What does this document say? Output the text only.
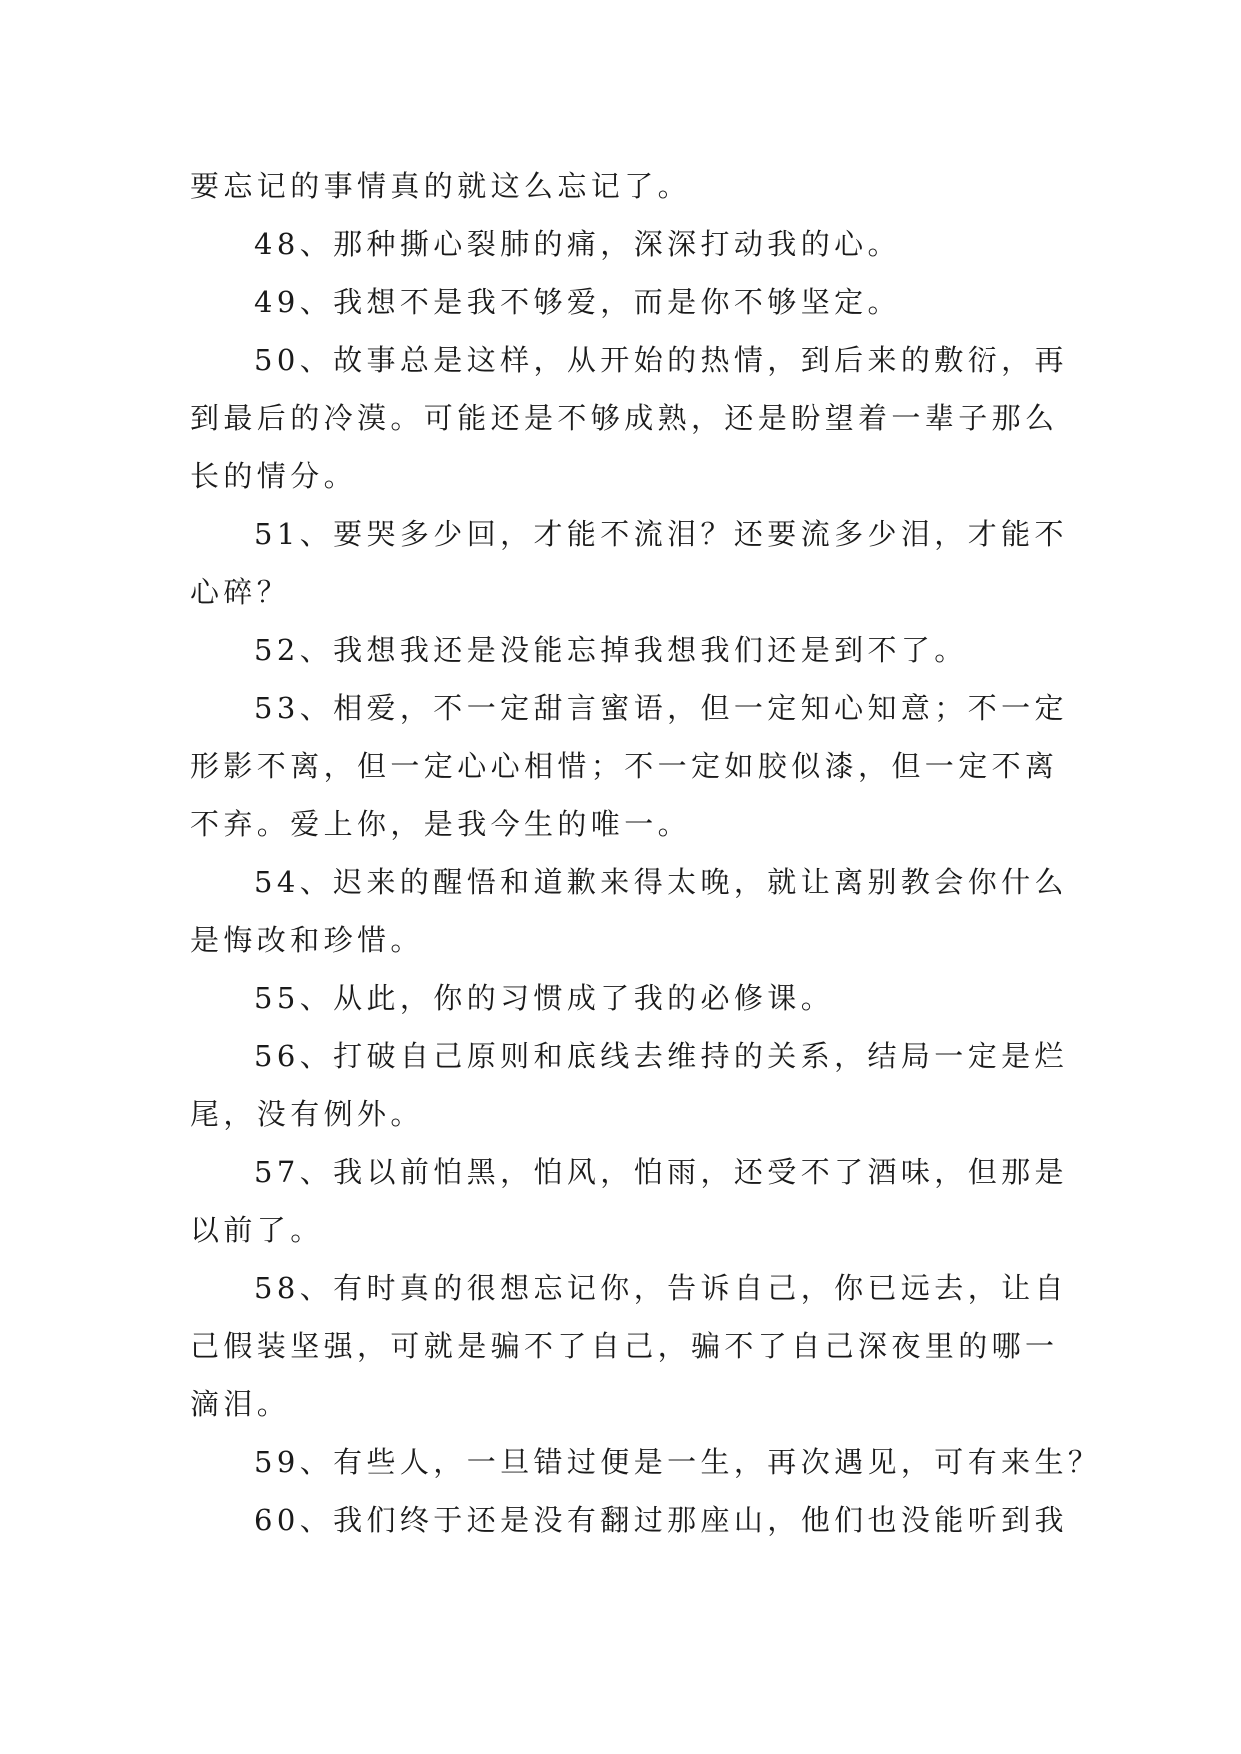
要忘记的事情真的就这么忘记了。
48、那种撕心裂肺的痛，深深打动我的心。
49、我想不是我不够爱，而是你不够坚定。
50、故事总是这样，从开始的热情，到后来的敷衍，再
到最后的冷漠。可能还是不够成熟，还是盼望着一辈子那么
长的情分。
51、要哭多少回，才能不流泪？还要流多少泪，才能不
心碎？
52、我想我还是没能忘掉我想我们还是到不了。
53、相爱，不一定甜言蜜语，但一定知心知意；不一定
形影不离，但一定心心相惜；不一定如胶似漆，但一定不离
不弃。爱上你，是我今生的唯一。
54、迟来的醒悟和道歉来得太晚，就让离别教会你什么
是悔改和珍惜。
55、从此，你的习惯成了我的必修课。
56、打破自己原则和底线去维持的关系，结局一定是烂
尾，没有例外。
57、我以前怕黑，怕风，怕雨，还受不了酒味，但那是
以前了。
58、有时真的很想忘记你，告诉自己，你已远去，让自
己假装坚强，可就是骗不了自己，骗不了自己深夜里的哪一
滴泪。
59、有些人，一旦错过便是一生，再次遇见，可有来生？
60、我们终于还是没有翻过那座山，他们也没能听到我
